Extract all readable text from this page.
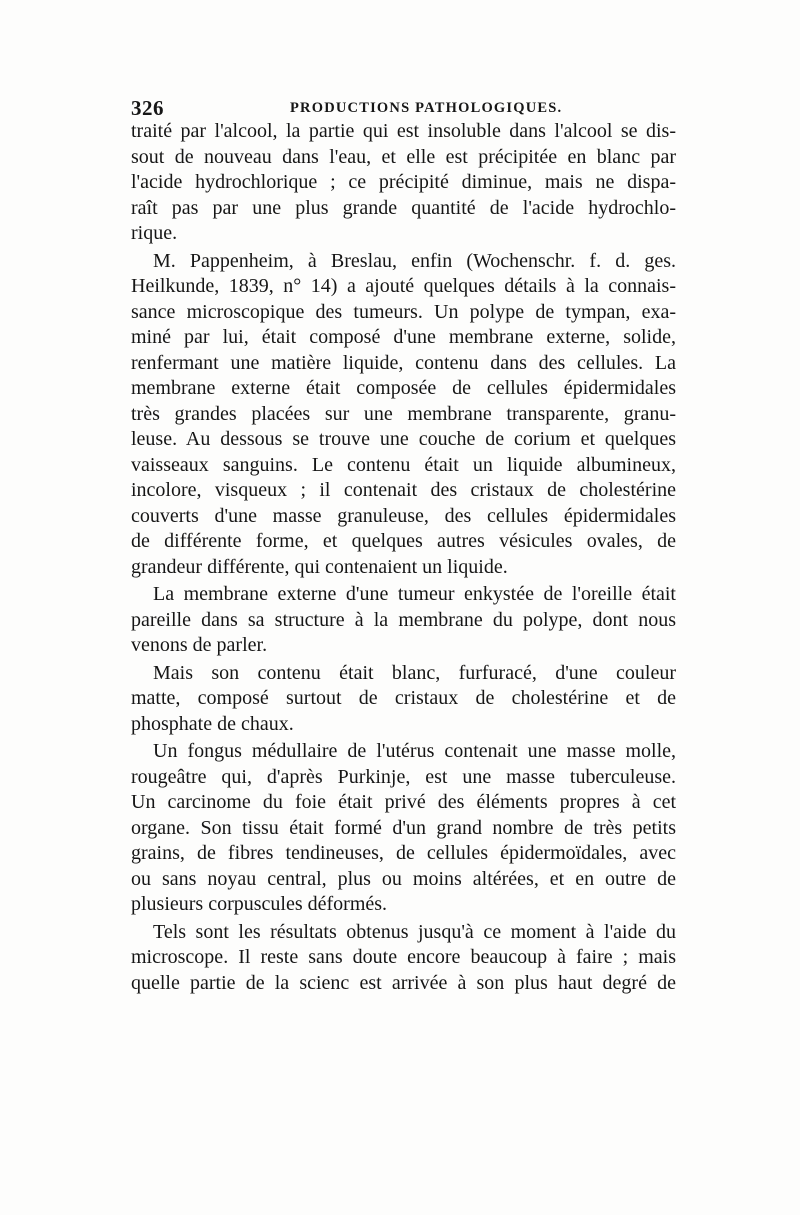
326	PRODUCTIONS PATHOLOGIQUES.
traité par l'alcool, la partie qui est insoluble dans l'alcool se dis-
sout de nouveau dans l'eau, et elle est précipitée en blanc par
l'acide hydrochlorique ; ce précipité diminue, mais ne dispa-
raît pas par une plus grande quantité de l'acide hydrochlo-
rique.
M. Pappenheim, à Breslau, enfin (Wochenschr. f. d. ges.
Heilkunde, 1839, n° 14) a ajouté quelques détails à la connais-
sance microscopique des tumeurs. Un polype de tympan, exa-
miné par lui, était composé d'une membrane externe, solide,
renfermant une matière liquide, contenu dans des cellules. La
membrane externe était composée de cellules épidermidales
très grandes placées sur une membrane transparente, granu-
leuse. Au dessous se trouve une couche de corium et quelques
vaisseaux sanguins. Le contenu était un liquide albumineux,
incolore, visqueux ; il contenait des cristaux de cholestérine
couverts d'une masse granuleuse, des cellules épidermidales
de différente forme, et quelques autres vésicules ovales, de
grandeur différente, qui contenaient un liquide.
La membrane externe d'une tumeur enkystée de l'oreille était
pareille dans sa structure à la membrane du polype, dont nous
venons de parler.
Mais son contenu était blanc, furfuracé, d'une couleur
matte, composé surtout de cristaux de cholestérine et de
phosphate de chaux.
Un fongus médullaire de l'utérus contenait une masse molle,
rougeâtre qui, d'après Purkinje, est une masse tuberculeuse.
Un carcinome du foie était privé des éléments propres à cet
organe. Son tissu était formé d'un grand nombre de très petits
grains, de fibres tendineuses, de cellules épidermoïdales, avec
ou sans noyau central, plus ou moins altérées, et en outre de
plusieurs corpuscules déformés.
Tels sont les résultats obtenus jusqu'à ce moment à l'aide du
microscope. Il reste sans doute encore beaucoup à faire ; mais
quelle partie de la scienc est arrivée à son plus haut degré de
